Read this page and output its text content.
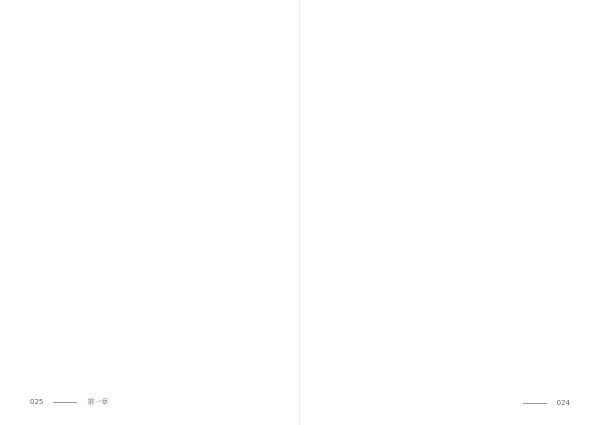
025	第一章	024
